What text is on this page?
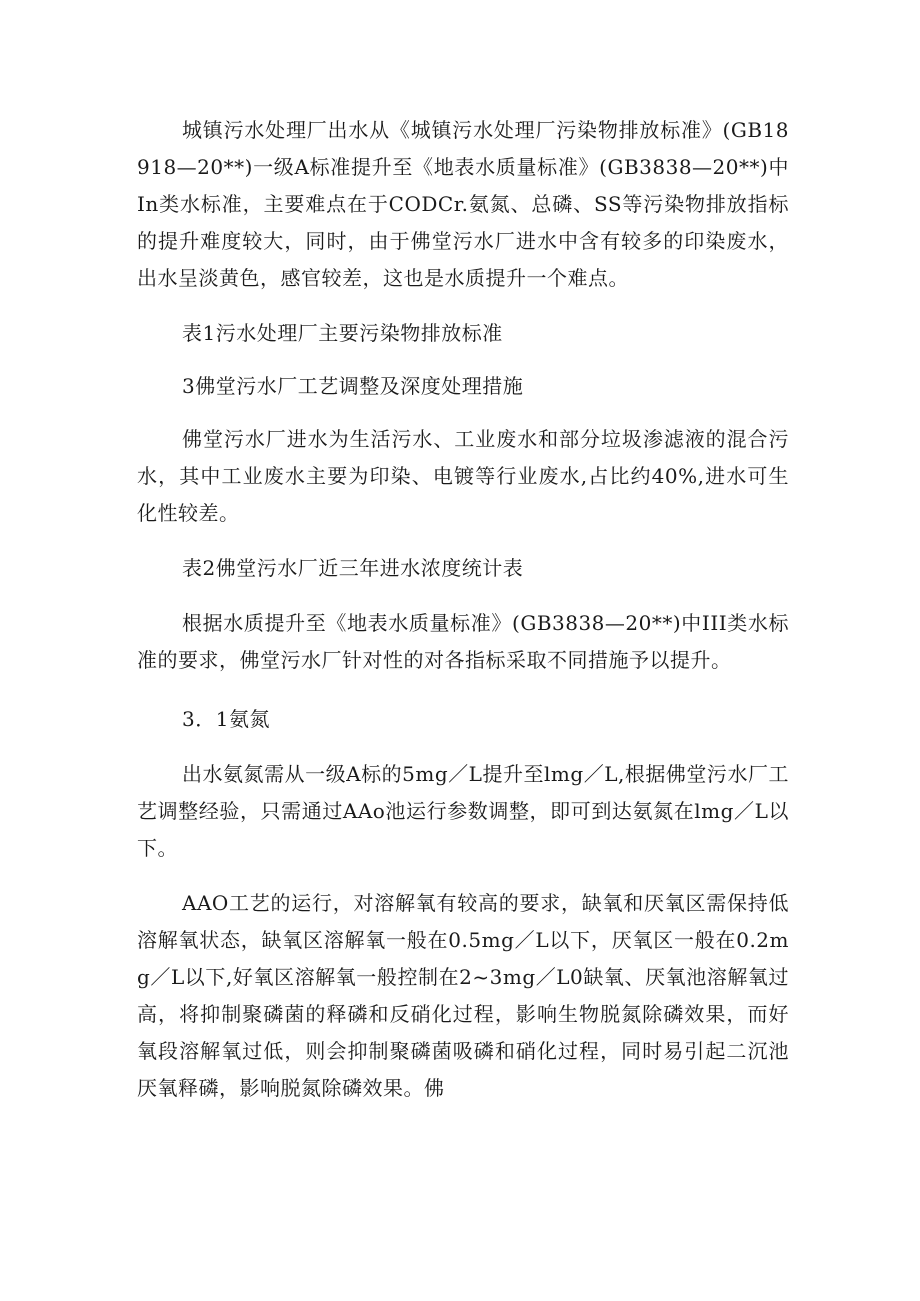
城镇污水处理厂出水从《城镇污水处理厂污染物排放标准》(GB18918—20**)一级A标准提升至《地表水质量标准》(GB3838—20**)中In类水标准，主要难点在于CODCr.氨氮、总磷、SS等污染物排放指标的提升难度较大，同时，由于佛堂污水厂进水中含有较多的印染废水，出水呈淡黄色，感官较差，这也是水质提升一个难点。

表1污水处理厂主要污染物排放标准

3佛堂污水厂工艺调整及深度处理措施

佛堂污水厂进水为生活污水、工业废水和部分垃圾渗滤液的混合污水，其中工业废水主要为印染、电镀等行业废水,占比约40%,进水可生化性较差。

表2佛堂污水厂近三年进水浓度统计表

根据水质提升至《地表水质量标准》(GB3838—20**)中III类水标准的要求，佛堂污水厂针对性的对各指标采取不同措施予以提升。

3．1氨氮

出水氨氮需从一级A标的5mg／L提升至lmg／L,根据佛堂污水厂工艺调整经验，只需通过AAo池运行参数调整，即可到达氨氮在lmg／L以下。

AAO工艺的运行，对溶解氧有较高的要求，缺氧和厌氧区需保持低溶解氧状态，缺氧区溶解氧一般在0.5mg／L以下，厌氧区一般在0.2mg／L以下,好氧区溶解氧一般控制在2~3mg／L0缺氧、厌氧池溶解氧过高，将抑制聚磷菌的释磷和反硝化过程，影响生物脱氮除磷效果，而好氧段溶解氧过低，则会抑制聚磷菌吸磷和硝化过程，同时易引起二沉池厌氧释磷，影响脱氮除磷效果。佛
